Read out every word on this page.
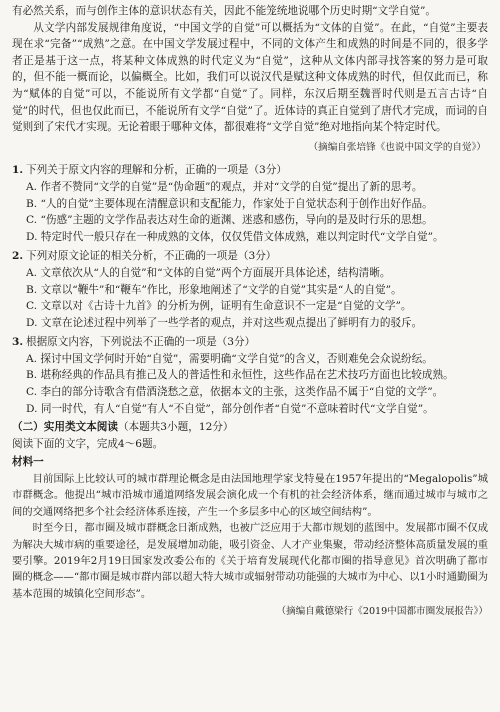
有必然关系，而与创作主体的意识状态有关，因此不能笼统地说哪个历史时期“文学自觉”。

从文学内部发展规律角度说，“中国文学的自觉”可以概括为“文体的自觉”。在此，“自觉”主要表现在求“完备”“成熟”之意。在中国文学发展过程中，不同的文体产生和成熟的时间是不同的，很多学者正是基于这一点，将某种文体成熟的时代定义为“自觉”，这种从文体内部寻找答案的努力是可取的，但不能一概而论，以偏概全。比如，我们可以说汉代是赋这种文体成熟的时代，但仅此而已，称为“赋体的自觉”可以，不能说所有文学都“自觉”了。同样，东汉后期至魏晋时代则是五言古诗“自觉”的时代，但也仅此而已，不能说所有文学“自觉”了。近体诗的真正自觉到了唐代才完成，而词的自觉则到了宋代才实现。无论着眼于哪种文体，都很难将“文学自觉”绝对地指向某个特定时代。

（摘编自张培锋《也说中国文学的自觉》）

1. 下列关于原文内容的理解和分析，正确的一项是（3分）

A. 作者不赞同“文学的自觉”是“伪命题”的观点，并对“文学的自觉”提出了新的思考。

B. “人的自觉”主要体现在清醒意识和支配能力，作家处于自觉状态利于创作出好作品。

C. “伤感”主题的文学作品表达对生命的逝渊、迷惑和感伤，导向的是及时行乐的思想。

D. 特定时代一般只存在一种成熟的文体，仅仅凭借文体成熟，难以判定时代“文学自觉”。

2. 下列对原文论证的相关分析，不正确的一项是（3分）

A. 文章依次从“人的自觉”和“文体的自觉”两个方面展开具体论述，结构清晰。

B. 文章以“鞭牛”和“鞭车”作比，形象地阐述了“文学的自觉”其实是“人的自觉”。

C. 文章以对《古诗十九首》的分析为例，证明有生命意识不一定是“自觉的文学”。

D. 文章在论述过程中列举了一些学者的观点，并对这些观点提出了鲜明有力的驳斥。

3. 根据原文内容，下列说法不正确的一项是（3分）

A. 探讨中国文学何时开始“自觉”，需要明确“文学自觉”的含义，否则难免会众说纷纭。

B. 堪称经典的作品具有推己及人的普适性和永恒性，这些作品在艺术技巧方面也比较成熟。

C. 李白的部分诗歌含有借酒浇愁之意，依据本文的主张，这类作品不属于“自觉的文学”。

D. 同一时代，有人“自觉”有人“不自觉”，部分创作者“自觉”不意味着时代“文学自觉”。

（二）实用类文本阅读（本题共3小题，12分）

阅读下面的文字，完成4～6题。

材料一

目前国际上比较认可的城市群理论概念是由法国地理学家戈特曼在1957年提出的“Megalopolis”城市群概念。他提出“城市沿城市通道网络发展会演化成一个有机的社会经济体系，继而通过城市与城市之间的交通网络把多个社会经济体系连接，产生一个多层多中心的区域空间结构”。

时至今日，都市圈及城市群概念日渐成熟，也被广泛应用于大都市规划的蓝图中。发展都市圈不仅成为解决大城市病的重要途径，是发展增加动能，吸引资金、人才产业集聚，带动经济整体高质量发展的重要引擎。2019年2月19日国家发改委公布的《关于培育发展现代化都市圈的指导意见》首次明确了都市圈的概念——“都市圈是城市群内部以超大特大城市或辐射带动功能强的大城市为中心、以1小时通勤圈为基本范围的城镇化空间形态”。

（摘编自戴德梁行《2019中国都市圈发展报告》）
